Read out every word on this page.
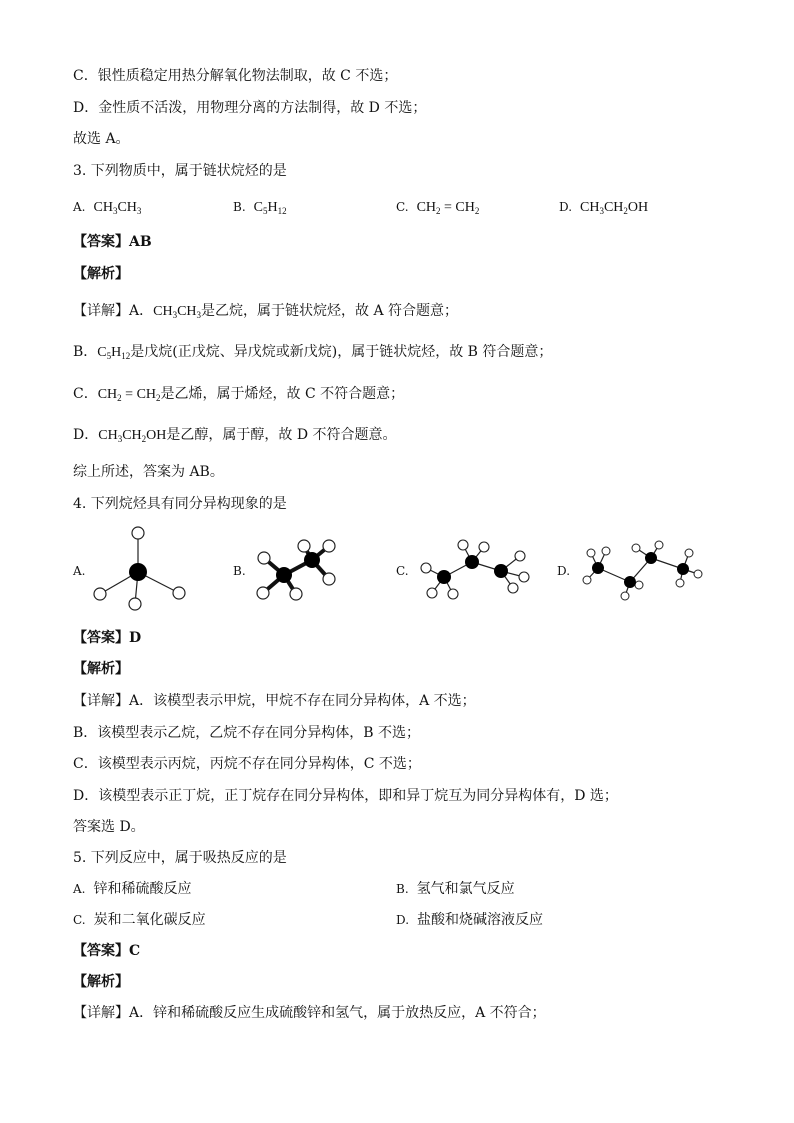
C．银性质稳定用热分解氧化物法制取，故 C 不选；
D．金性质不活泼，用物理分离的方法制得，故 D 不选；
故选 A。
3. 下列物质中，属于链状烷烃的是
A. $CH_3CH_3$	B. $C_5H_{12}$	C. $CH_2 = CH_2$	D. $CH_3CH_2OH$
【答案】AB
【解析】
【详解】A．$CH_3CH_3$是乙烷，属于链状烷烃，故 A 符合题意；
B．$C_5H_{12}$是戊烷(正戊烷、异戊烷或新戊烷)，属于链状烷烃，故 B 符合题意；
C．$CH_2 = CH_2$是乙烯，属于烯烃，故 C 不符合题意；
D．$CH_3CH_2OH$是乙醇，属于醇，故 D 不符合题意。
综上所述，答案为 AB。
4. 下列烷烃具有同分异构现象的是
A.	B.	C.	D.
【答案】D
【解析】
【详解】A．该模型表示甲烷，甲烷不存在同分异构体，A 不选；
B．该模型表示乙烷，乙烷不存在同分异构体，B 不选；
C．该模型表示丙烷，丙烷不存在同分异构体，C 不选；
D．该模型表示正丁烷，正丁烷存在同分异构体，即和异丁烷互为同分异构体有，D 选；
答案选 D。
5. 下列反应中，属于吸热反应的是
A. 锌和稀硫酸反应	B. 氢气和氯气反应
C. 炭和二氧化碳反应	D. 盐酸和烧碱溶液反应
【答案】C
【解析】
【详解】A．锌和稀硫酸反应生成硫酸锌和氢气，属于放热反应，A 不符合；
